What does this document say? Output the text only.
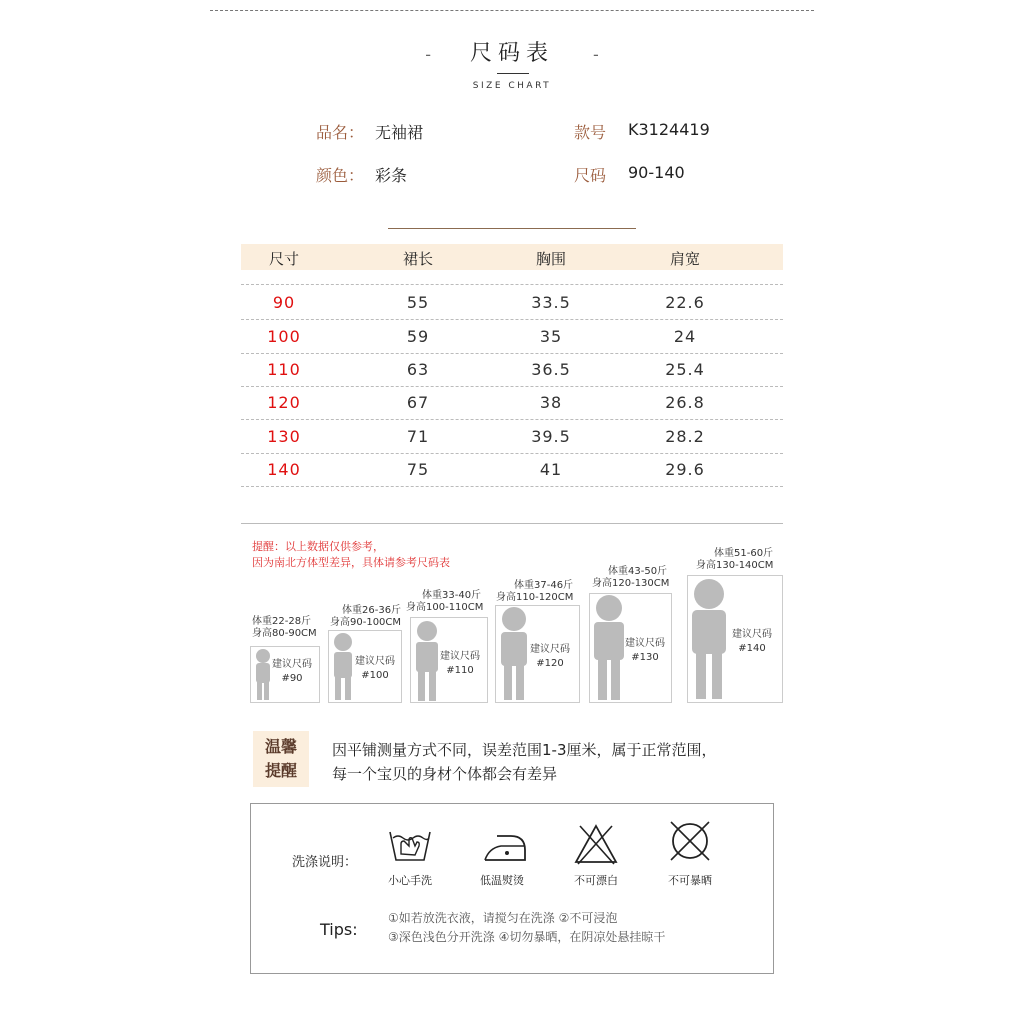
- 尺码表 -
SIZE CHART
品名： 无袖裙	款号 K3124419
颜色： 彩条	尺码 90-140
尺寸	裙长	胸围	肩宽
90	55	33.5	22.6
100	59	35	24
110	63	36.5	25.4
120	67	38	26.8
130	71	39.5	28.2
140	75	41	29.6
提醒：以上数据仅供参考，
因为南北方体型差异，具体请参考尺码表
体重22-28斤
身高80-90CM
建议尺码
#90
体重26-36斤
身高90-100CM
建议尺码
#100
体重33-40斤
身高100-110CM
建议尺码
#110
体重37-46斤
身高110-120CM
建议尺码
#120
体重43-50斤
身高120-130CM
建议尺码
#130
体重51-60斤
身高130-140CM
建议尺码
#140
温馨
提醒
因平铺测量方式不同，误差范围1-3厘米，属于正常范围，
每一个宝贝的身材个体都会有差异
洗涤说明：
小心手洗	低温熨烫	不可漂白	不可暴晒
Tips:
①如若放洗衣液，请搅匀在洗涤 ②不可浸泡
③深色浅色分开洗涤 ④切勿暴晒，在阴凉处悬挂晾干
